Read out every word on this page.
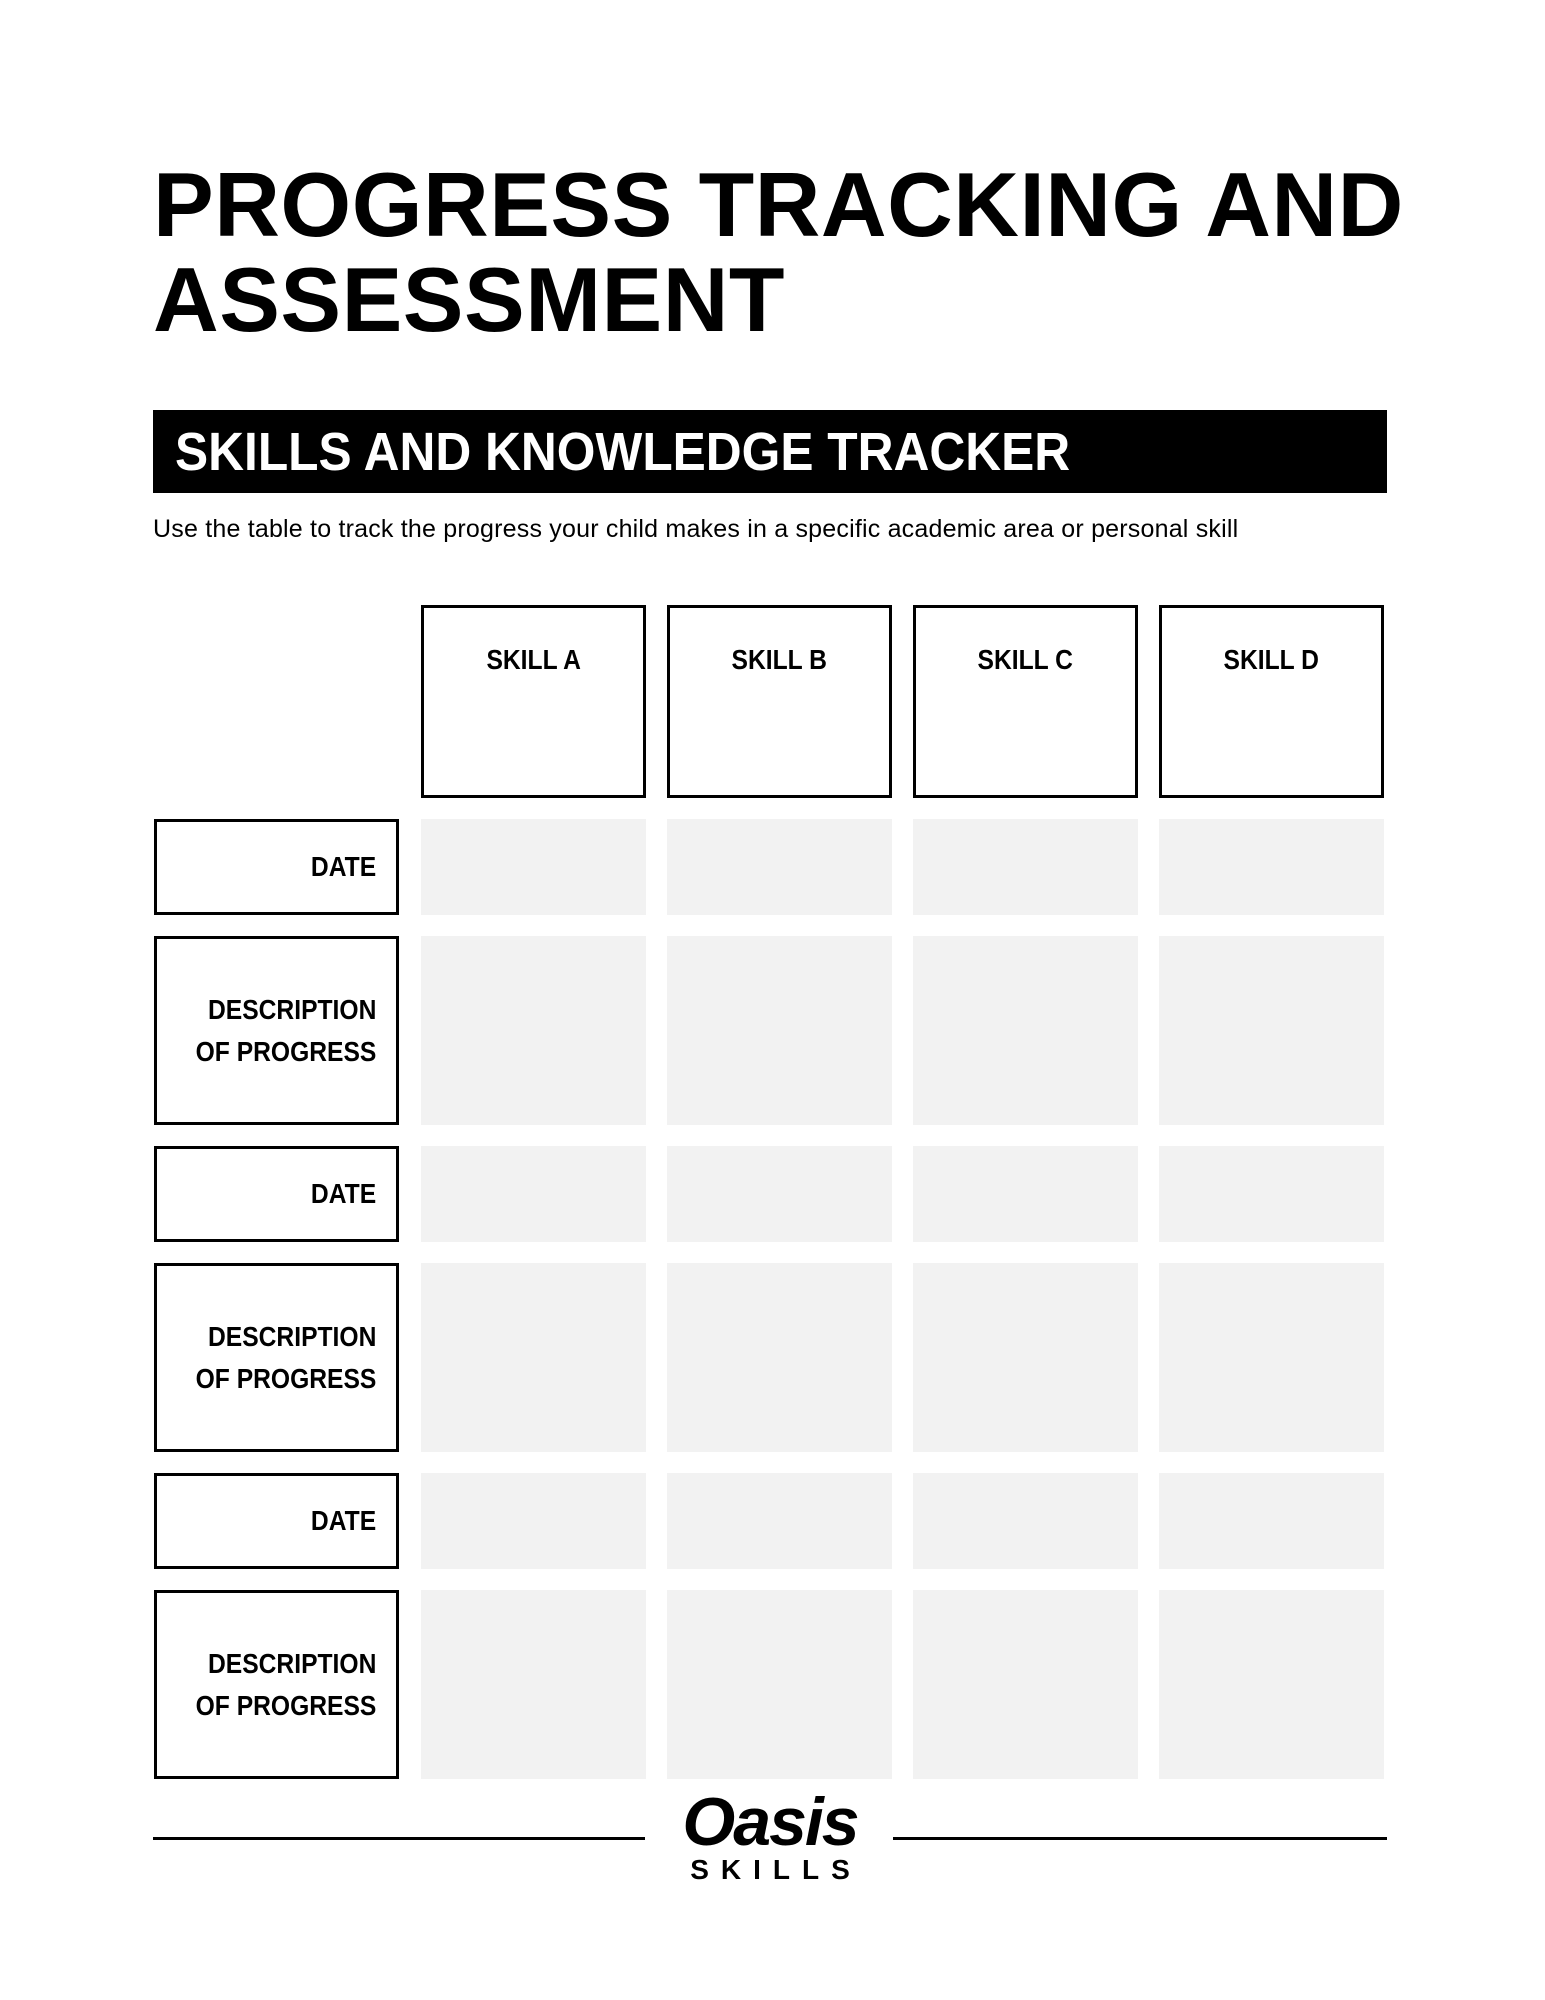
PROGRESS TRACKING AND ASSESSMENT
SKILLS AND KNOWLEDGE TRACKER
Use the table to track the progress your child makes in a specific academic area or personal skill
SKILL A	SKILL B	SKILL C	SKILL D
DATE
DESCRIPTION
OF PROGRESS
DATE
DESCRIPTION
OF PROGRESS
DATE
DESCRIPTION
OF PROGRESS
Oasis
SKILLS
